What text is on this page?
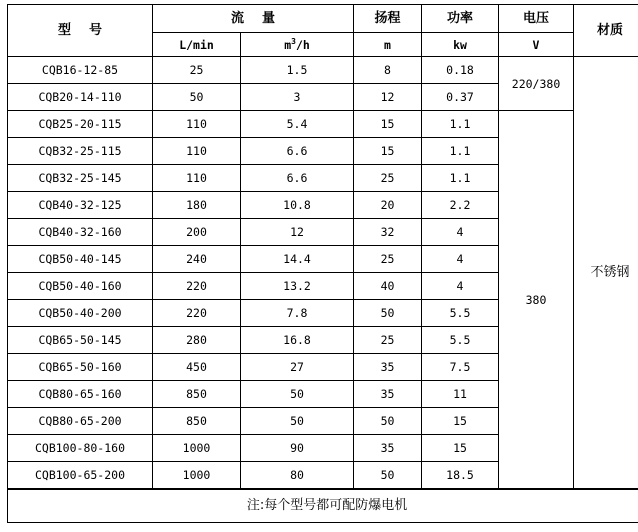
型    号	流    量		扬程	功率	电压	材质
	L/min	$m^3/h$	m	kw	V	
CQB16-12-85	25	1.5	8	0.18	220/380	不锈钢
CQB20-14-110	50	3	12	0.37		
CQB25-20-115	110	5.4	15	1.1	380	
CQB32-25-115	110	6.6	15	1.1		
CQB32-25-145	110	6.6	25	1.1		
CQB40-32-125	180	10.8	20	2.2		
CQB40-32-160	200	12	32	4		
CQB50-40-145	240	14.4	25	4		
CQB50-40-160	220	13.2	40	4		
CQB50-40-200	220	7.8	50	5.5		
CQB65-50-145	280	16.8	25	5.5		
CQB65-50-160	450	27	35	7.5		
CQB80-65-160	850	50	35	11		
CQB80-65-200	850	50	50	15		
CQB100-80-160	1000	90	35	15		
CQB100-65-200	1000	80	50	18.5		
注:每个型号都可配防爆电机						
